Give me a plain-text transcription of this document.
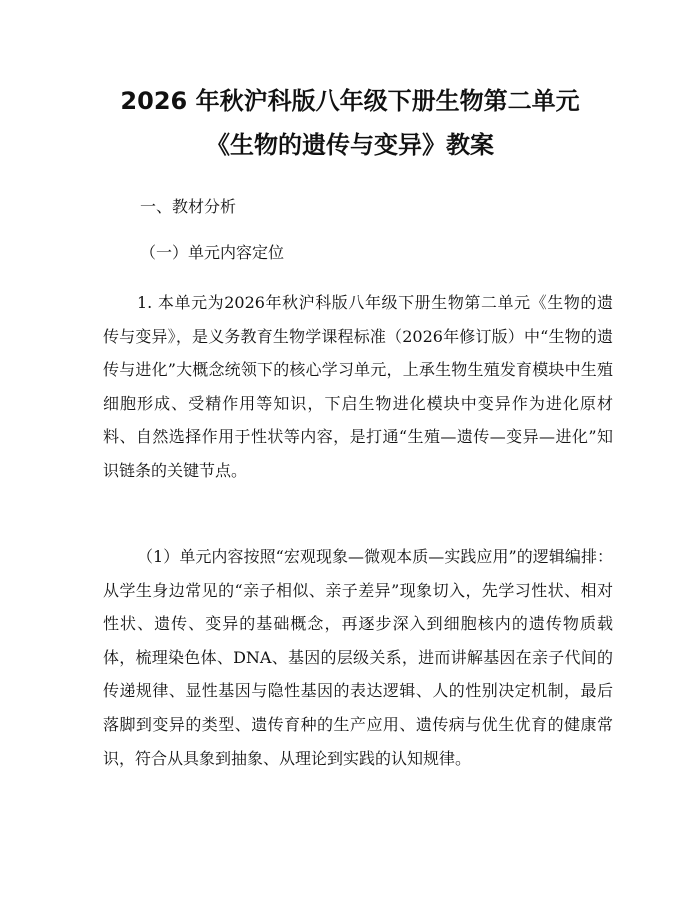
2026 年秋沪科版八年级下册生物第二单元
《生物的遗传与变异》教案
一、教材分析
（一）单元内容定位

1. 本单元为2026年秋沪科版八年级下册生物第二单元《生物的遗传与变异》，是义务教育生物学课程标准（2026年修订版）中“生物的遗传与进化”大概念统领下的核心学习单元，上承生物生殖发育模块中生殖细胞形成、受精作用等知识，下启生物进化模块中变异作为进化原材料、自然选择作用于性状等内容，是打通“生殖—遗传—变异—进化”知识链条的关键节点。

（1）单元内容按照“宏观现象—微观本质—实践应用”的逻辑编排：从学生身边常见的“亲子相似、亲子差异”现象切入，先学习性状、相对性状、遗传、变异的基础概念，再逐步深入到细胞核内的遗传物质载体，梳理染色体、DNA、基因的层级关系，进而讲解基因在亲子代间的传递规律、显性基因与隐性基因的表达逻辑、人的性别决定机制，最后落脚到变异的类型、遗传育种的生产应用、遗传病与优生优育的健康常识，符合从具象到抽象、从理论到实践的认知规律。
